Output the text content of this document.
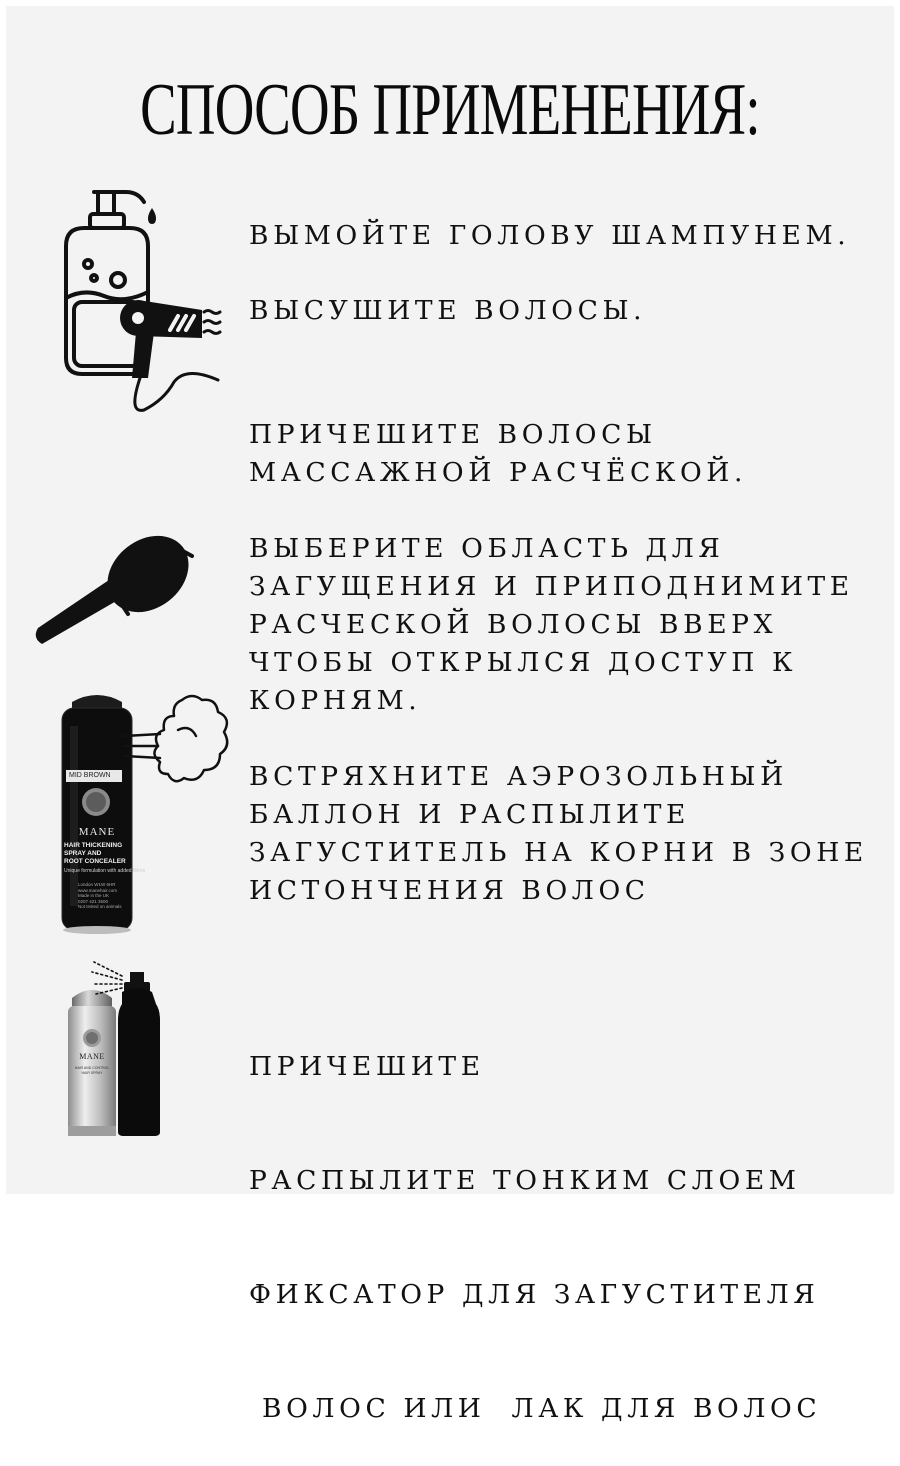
СПОСОБ ПРИМЕНЕНИЯ:
ВЫМОЙТЕ ГОЛОВУ ШАМПУНЕМ.
ВЫСУШИТЕ ВОЛОСЫ.
ПРИЧЕШИТЕ ВОЛОСЫ
МАССАЖНОЙ РАСЧЁСКОЙ.
ВЫБЕРИТЕ ОБЛАСТЬ ДЛЯ
ЗАГУЩЕНИЯ И ПРИПОДНИМИТЕ
РАСЧЕСКОЙ ВОЛОСЫ ВВЕРХ
ЧТОБЫ ОТКРЫЛСЯ ДОСТУП К
КОРНЯМ.
ВСТРЯХНИТЕ АЭРОЗОЛЬНЫЙ
БАЛЛОН И РАСПЫЛИТЕ
ЗАГУСТИТЕЛЬ НА КОРНИ В ЗОНЕ
ИСТОНЧЕНИЯ ВОЛОС

ПРИЧЕШИТЕ

РАСПЫЛИТЕ ТОНКИМ СЛОЕМ

ФИКСАТОР ДЛЯ ЗАГУСТИТЕЛЯ

ВОЛОС ИЛИ  ЛАК ДЛЯ ВОЛОС

MID BROWN
MANE
HAIR THICKENING
SPRAY AND
ROOT CONCEALER
Unique formulation with added fibres
London W1W 6HR
www.manehair.com
Made in the UK
0207 421 3500
Not tested on animals
MANE
HAIR AND CONTROL
HAIR SPRAY
